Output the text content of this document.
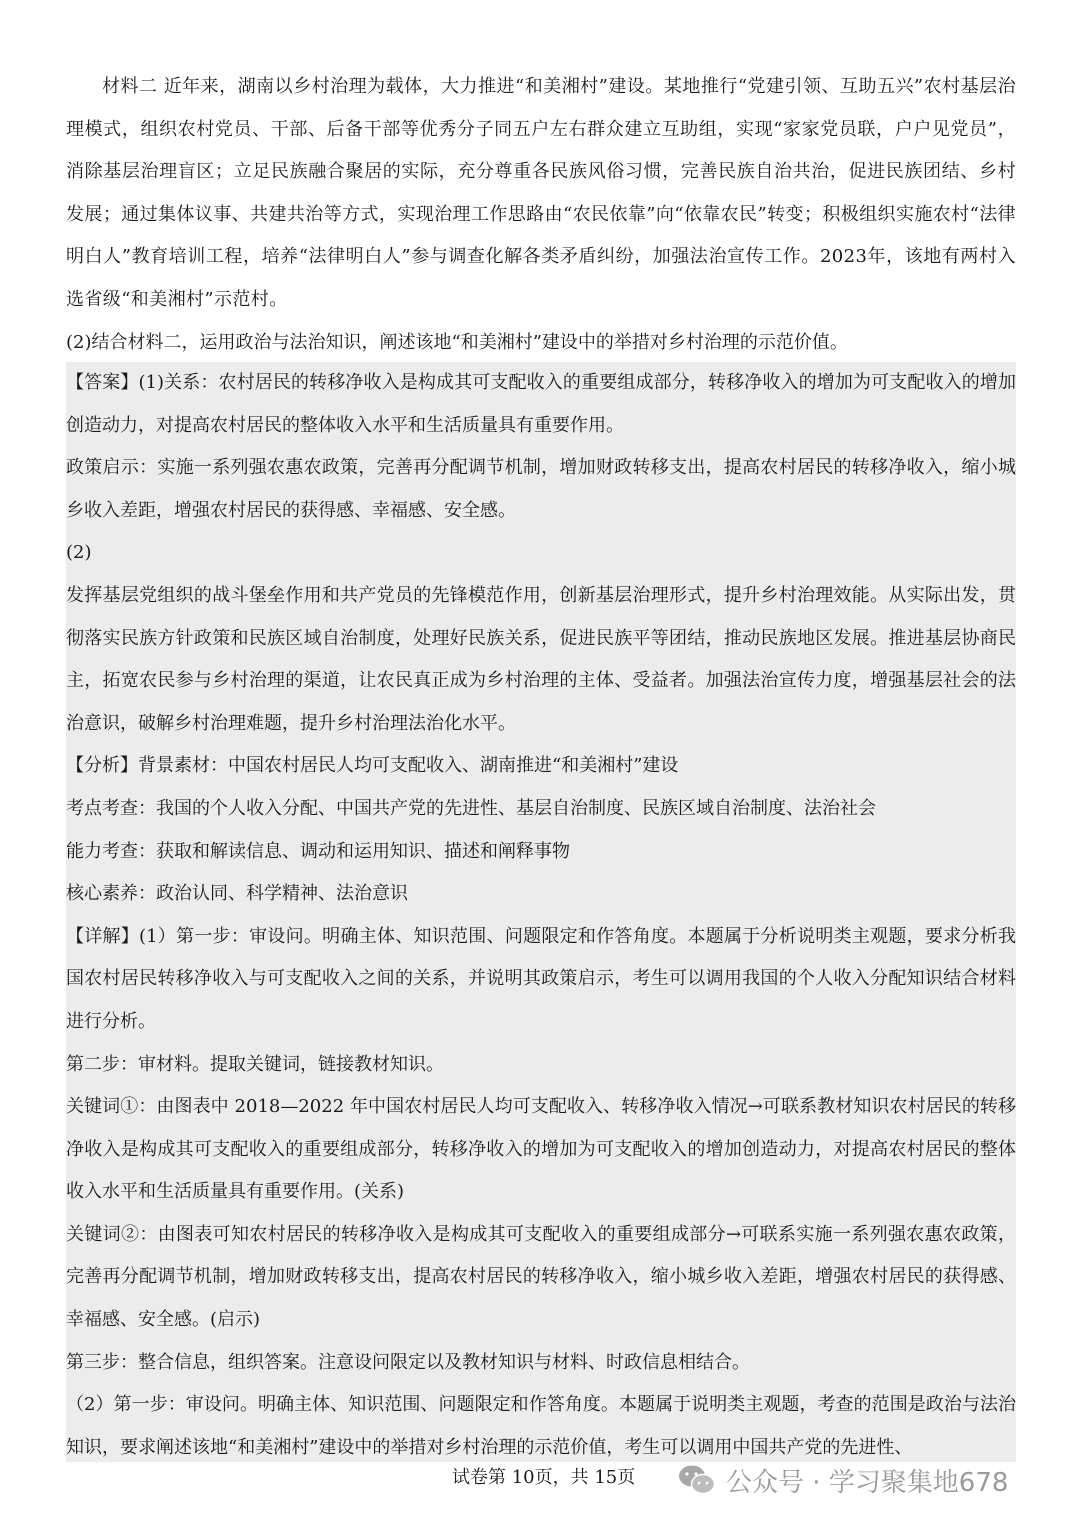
材料二 近年来，湖南以乡村治理为载体，大力推进“和美湘村”建设。某地推行“党建引领、互助五兴”农村基层治理模式，组织农村党员、干部、后备干部等优秀分子同五户左右群众建立互助组，实现“家家党员联，户户见党员”，消除基层治理盲区；立足民族融合聚居的实际，充分尊重各民族风俗习惯，完善民族自治共治，促进民族团结、乡村发展；通过集体议事、共建共治等方式，实现治理工作思路由“农民依靠”向“依靠农民”转变；积极组织实施农村“法律明白人”教育培训工程，培养“法律明白人”参与调查化解各类矛盾纠纷，加强法治宣传工作。2023年，该地有两村入选省级“和美湘村”示范村。

(2)结合材料二，运用政治与法治知识，阐述该地“和美湘村”建设中的举措对乡村治理的示范价值。

【答案】(1)关系：农村居民的转移净收入是构成其可支配收入的重要组成部分，转移净收入的增加为可支配收入的增加创造动力，对提高农村居民的整体收入水平和生活质量具有重要作用。

政策启示：实施一系列强农惠农政策，完善再分配调节机制，增加财政转移支出，提高农村居民的转移净收入，缩小城乡收入差距，增强农村居民的获得感、幸福感、安全感。

(2)

发挥基层党组织的战斗堡垒作用和共产党员的先锋模范作用，创新基层治理形式，提升乡村治理效能。从实际出发，贯彻落实民族方针政策和民族区域自治制度，处理好民族关系，促进民族平等团结，推动民族地区发展。推进基层协商民主，拓宽农民参与乡村治理的渠道，让农民真正成为乡村治理的主体、受益者。加强法治宣传力度，增强基层社会的法治意识，破解乡村治理难题，提升乡村治理法治化水平。

【分析】背景素材：中国农村居民人均可支配收入、湖南推进“和美湘村”建设

考点考查：我国的个人收入分配、中国共产党的先进性、基层自治制度、民族区域自治制度、法治社会

能力考查：获取和解读信息、调动和运用知识、描述和阐释事物

核心素养：政治认同、科学精神、法治意识

【详解】(1）第一步：审设问。明确主体、知识范围、问题限定和作答角度。本题属于分析说明类主观题，要求分析我国农村居民转移净收入与可支配收入之间的关系，并说明其政策启示，考生可以调用我国的个人收入分配知识结合材料进行分析。

第二步：审材料。提取关键词，链接教材知识。

关键词①：由图表中 2018—2022 年中国农村居民人均可支配收入、转移净收入情况→可联系教材知识农村居民的转移净收入是构成其可支配收入的重要组成部分，转移净收入的增加为可支配收入的增加创造动力，对提高农村居民的整体收入水平和生活质量具有重要作用。(关系)

关键词②：由图表可知农村居民的转移净收入是构成其可支配收入的重要组成部分→可联系实施一系列强农惠农政策，完善再分配调节机制，增加财政转移支出，提高农村居民的转移净收入，缩小城乡收入差距，增强农村居民的获得感、幸福感、安全感。(启示)

第三步：整合信息，组织答案。注意设问限定以及教材知识与材料、时政信息相结合。

（2）第一步：审设问。明确主体、知识范围、问题限定和作答角度。本题属于说明类主观题，考查的范围是政治与法治知识，要求阐述该地“和美湘村”建设中的举措对乡村治理的示范价值，考生可以调用中国共产党的先进性、

试卷第 10页，共 15页	公众号 · 学习聚集地678
